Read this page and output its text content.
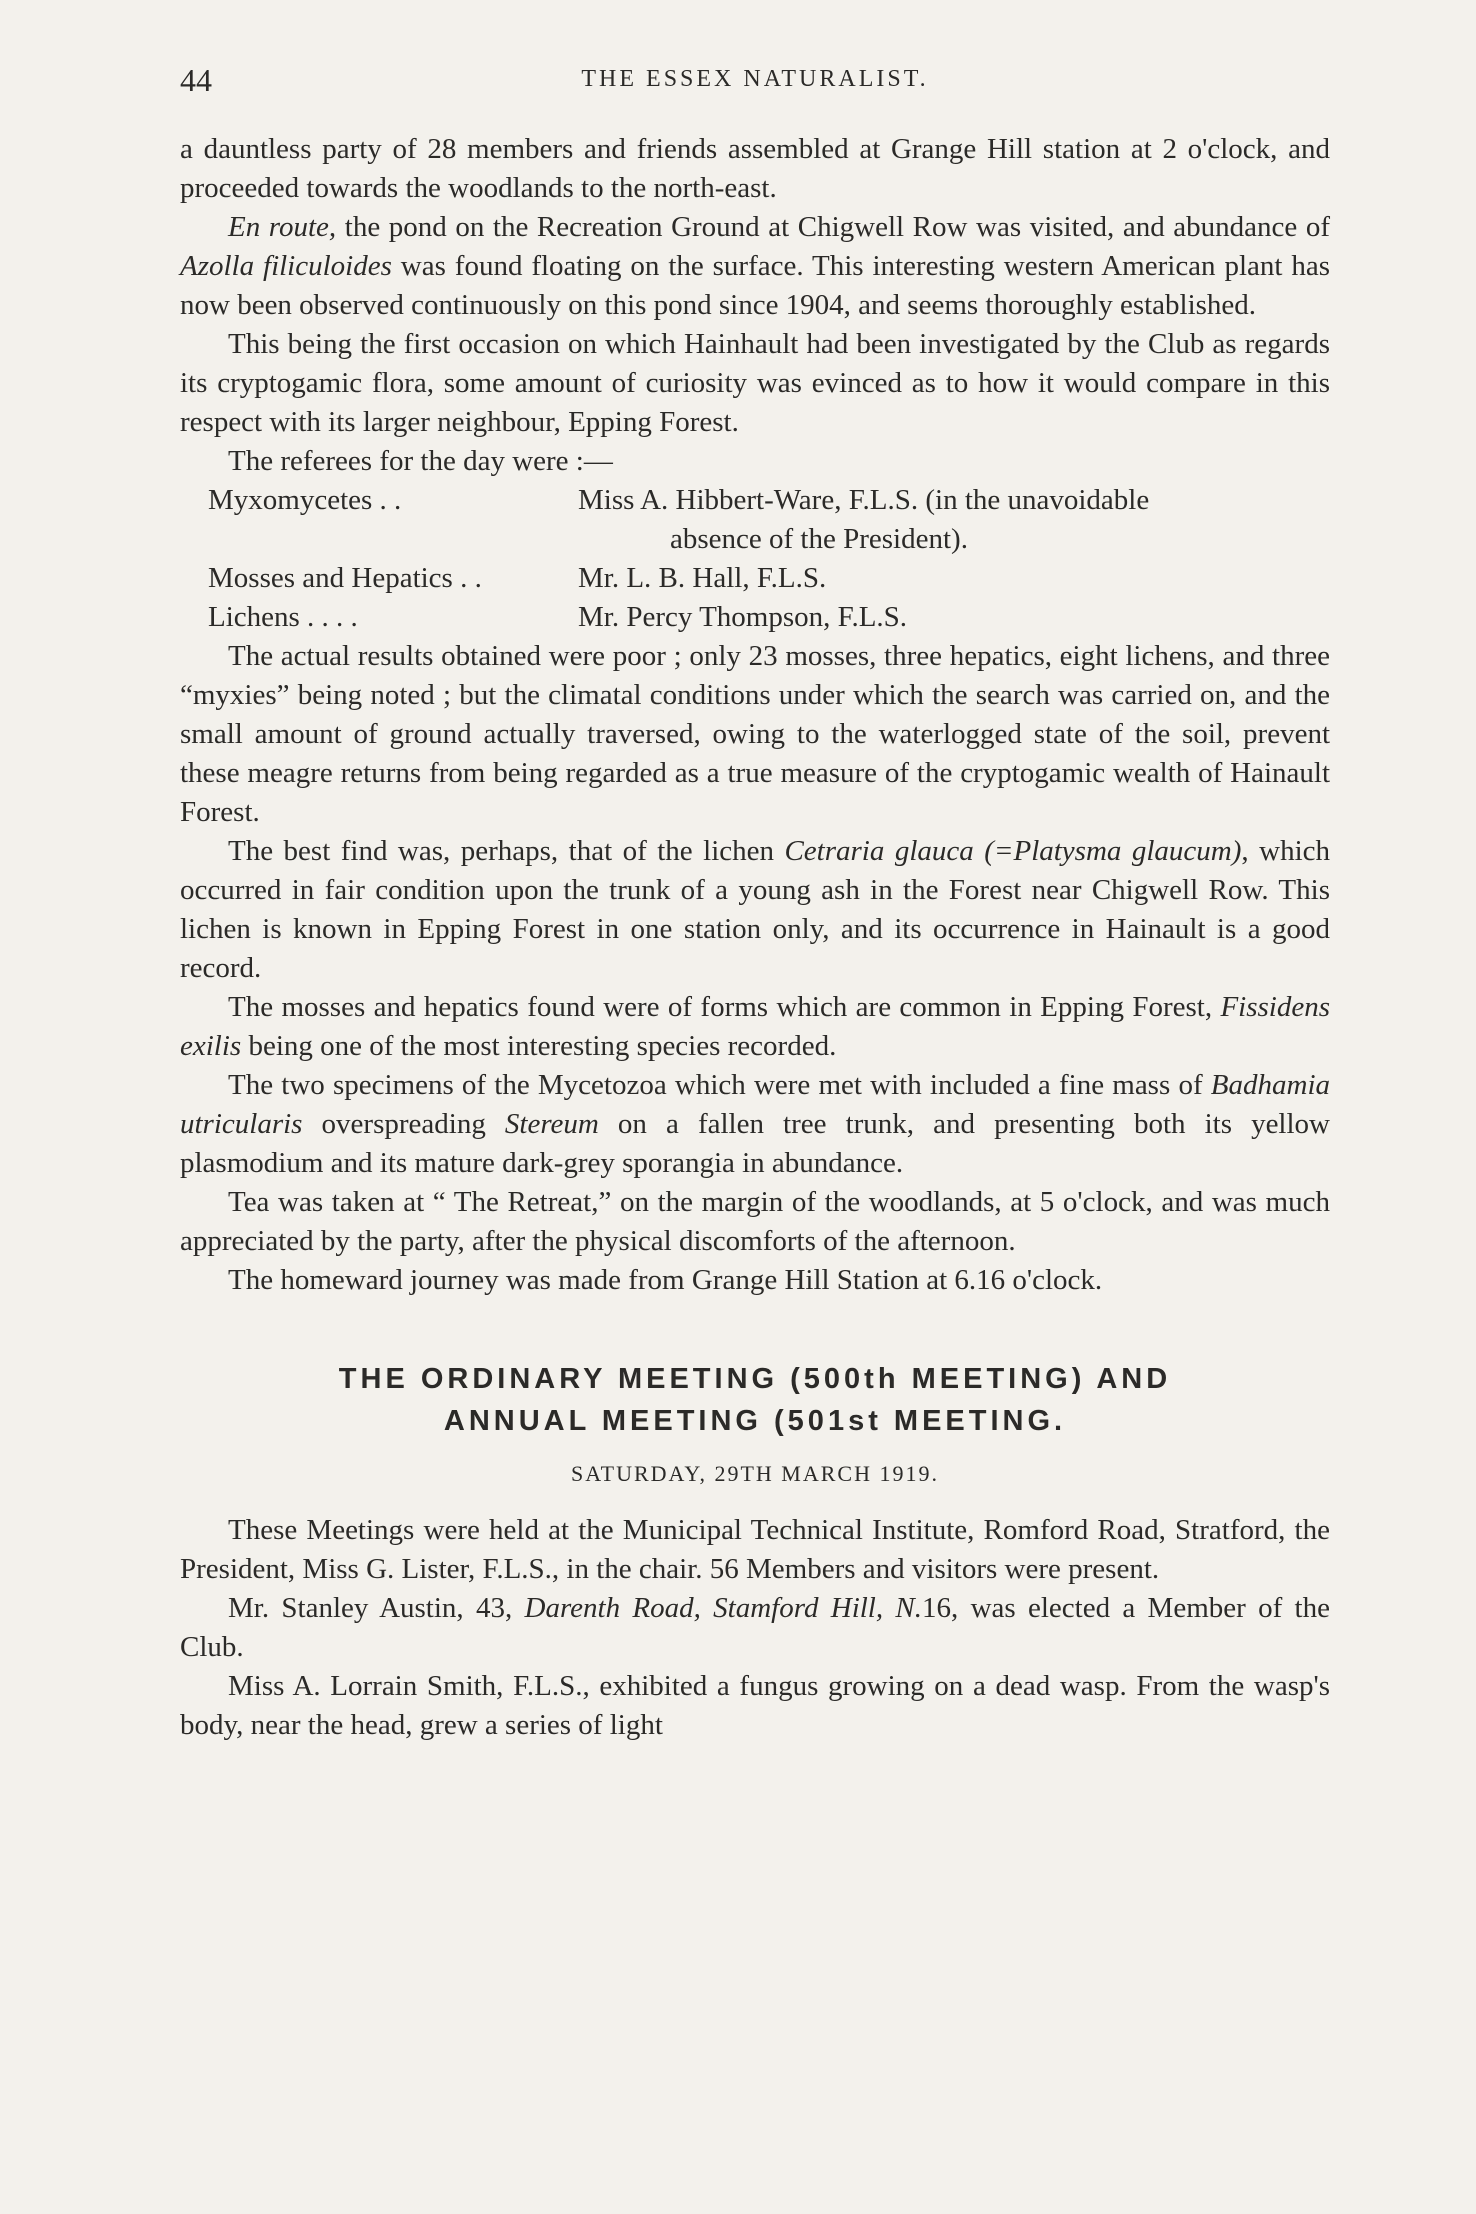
44	THE ESSEX NATURALIST.

a dauntless party of 28 members and friends assembled at Grange Hill station at 2 o'clock, and proceeded towards the woodlands to the north-east.

En route, the pond on the Recreation Ground at Chigwell Row was visited, and abundance of Azolla filiculoides was found floating on the surface. This interesting western American plant has now been observed continuously on this pond since 1904, and seems thoroughly established.

This being the first occasion on which Hainhault had been investigated by the Club as regards its cryptogamic flora, some amount of curiosity was evinced as to how it would compare in this respect with its larger neighbour, Epping Forest.

The referees for the day were :—

Myxomycetes . .	Miss A. Hibbert-Ware, F.L.S. (in the unavoidable
absence of the President).
Mosses and Hepatics . .	Mr. L. B. Hall, F.L.S.
Lichens . . . .	Mr. Percy Thompson, F.L.S.

The actual results obtained were poor ; only 23 mosses, three hepatics, eight lichens, and three “myxies” being noted ; but the climatal conditions under which the search was carried on, and the small amount of ground actually traversed, owing to the waterlogged state of the soil, prevent these meagre returns from being regarded as a true measure of the cryptogamic wealth of Hainault Forest.

The best find was, perhaps, that of the lichen Cetraria glauca (=Platysma glaucum), which occurred in fair condition upon the trunk of a young ash in the Forest near Chigwell Row. This lichen is known in Epping Forest in one station only, and its occurrence in Hainault is a good record.

The mosses and hepatics found were of forms which are common in Epping Forest, Fissidens exilis being one of the most interesting species recorded.

The two specimens of the Mycetozoa which were met with included a fine mass of Badhamia utricularis overspreading Stereum on a fallen tree trunk, and presenting both its yellow plasmodium and its mature dark-grey sporangia in abundance.

Tea was taken at “ The Retreat,” on the margin of the woodlands, at 5 o'clock, and was much appreciated by the party, after the physical discomforts of the afternoon.

The homeward journey was made from Grange Hill Station at 6.16 o'clock.

THE ORDINARY MEETING (500th MEETING) AND
ANNUAL MEETING (501st MEETING.
SATURDAY, 29TH MARCH 1919.

These Meetings were held at the Municipal Technical Institute, Romford Road, Stratford, the President, Miss G. Lister, F.L.S., in the chair. 56 Members and visitors were present.

Mr. Stanley Austin, 43, Darenth Road, Stamford Hill, N.16, was elected a Member of the Club.

Miss A. Lorrain Smith, F.L.S., exhibited a fungus growing on a dead wasp. From the wasp's body, near the head, grew a series of light
